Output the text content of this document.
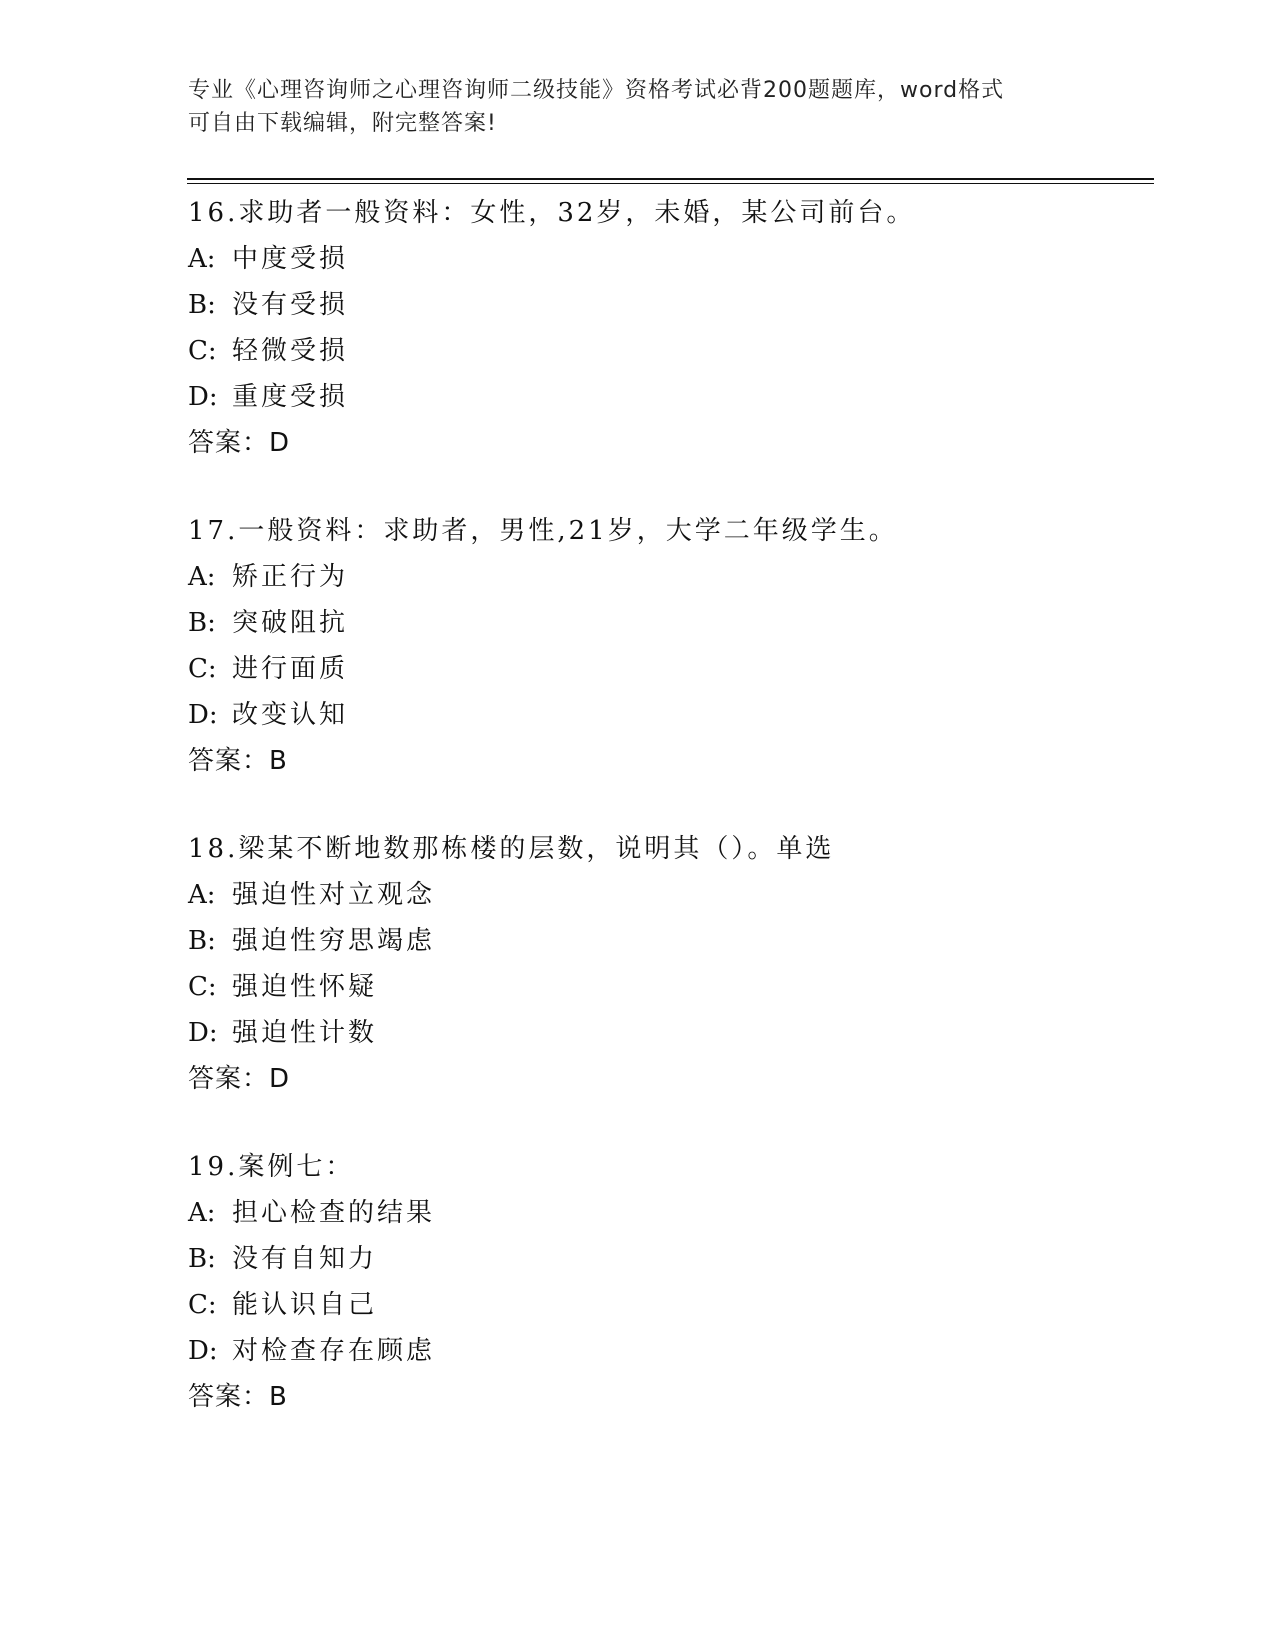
专业《心理咨询师之心理咨询师二级技能》资格考试必背200题题库，word格式
可自由下载编辑，附完整答案!
16.求助者一般资料：女性，32岁，未婚，某公司前台。
A: 中度受损
B: 没有受损
C: 轻微受损
D: 重度受损
答案：D
17.一般资料：求助者，男性,21岁，大学二年级学生。
A: 矫正行为
B: 突破阻抗
C: 进行面质
D: 改变认知
答案：B
18.梁某不断地数那栋楼的层数，说明其（）。单选
A: 强迫性对立观念
B: 强迫性穷思竭虑
C: 强迫性怀疑
D: 强迫性计数
答案：D
19.案例七：
A: 担心检查的结果
B: 没有自知力
C: 能认识自己
D: 对检查存在顾虑
答案：B
